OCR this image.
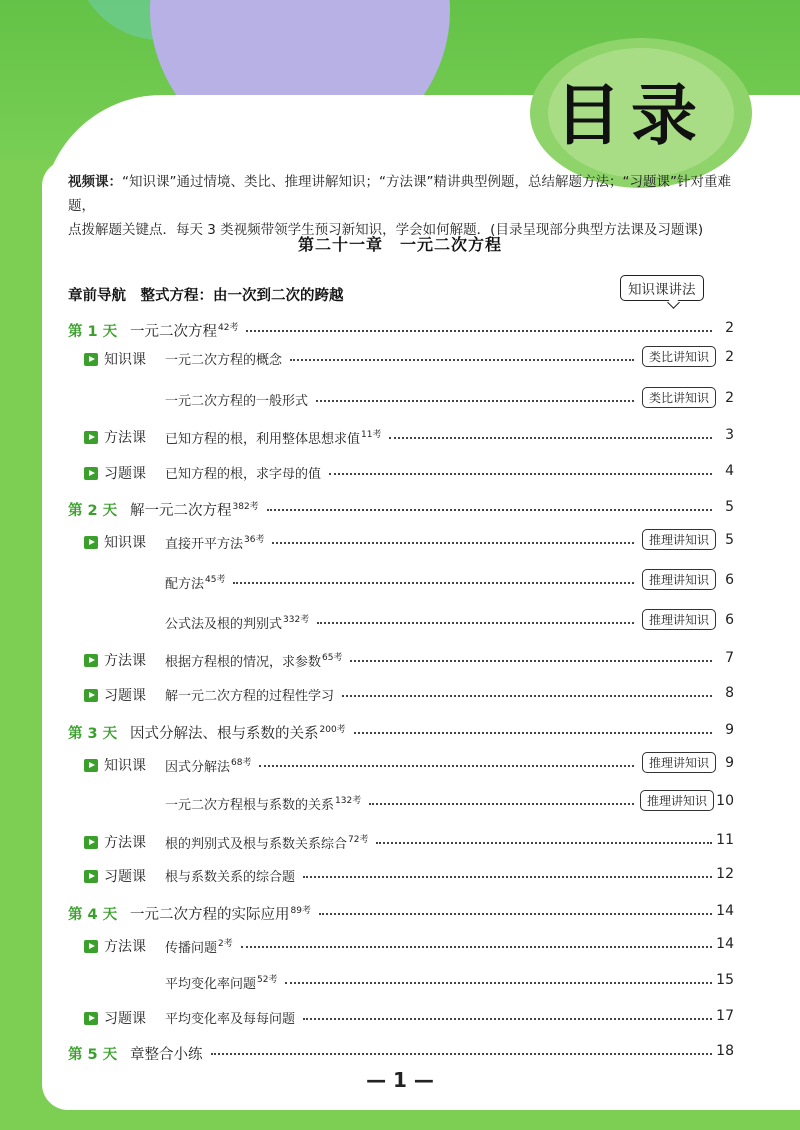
目录
视频课：“知识课”通过情境、类比、推理讲解知识；“方法课”精讲典型例题，总结解题方法；“习题课”针对重难题，
点拨解题关键点．每天 3 类视频带领学生预习新知识，学会如何解题．(目录呈现部分典型方法课及习题课)
第二十一章　一元二次方程
章前导航　整式方程：由一次到二次的跨越	知识课讲法
第 1 天 一元二次方程$^{42考}$	2
知识课 一元二次方程的概念	类比讲知识	2
一元二次方程的一般形式	类比讲知识	2
方法课 已知方程的根，利用整体思想求值$^{11考}$	3
习题课 已知方程的根，求字母的值	4
第 2 天 解一元二次方程$^{382考}$	5
知识课 直接开平方法$^{36考}$	推理讲知识	5
配方法$^{45考}$	推理讲知识	6
公式法及根的判别式$^{332考}$	推理讲知识	6
方法课 根据方程根的情况，求参数$^{65考}$	7
习题课 解一元二次方程的过程性学习	8
第 3 天 因式分解法、根与系数的关系$^{200考}$	9
知识课 因式分解法$^{68考}$	推理讲知识	9
一元二次方程根与系数的关系$^{132考}$	推理讲知识 10
方法课 根的判别式及根与系数关系综合$^{72考}$	11
习题课 根与系数关系的综合题	12
第 4 天 一元二次方程的实际应用$^{89考}$	14
方法课 传播问题$^{2考}$	14
平均变化率问题$^{52考}$	15
习题课 平均变化率及每每问题	17
第 5 天 章整合小练	18
— 1 —
